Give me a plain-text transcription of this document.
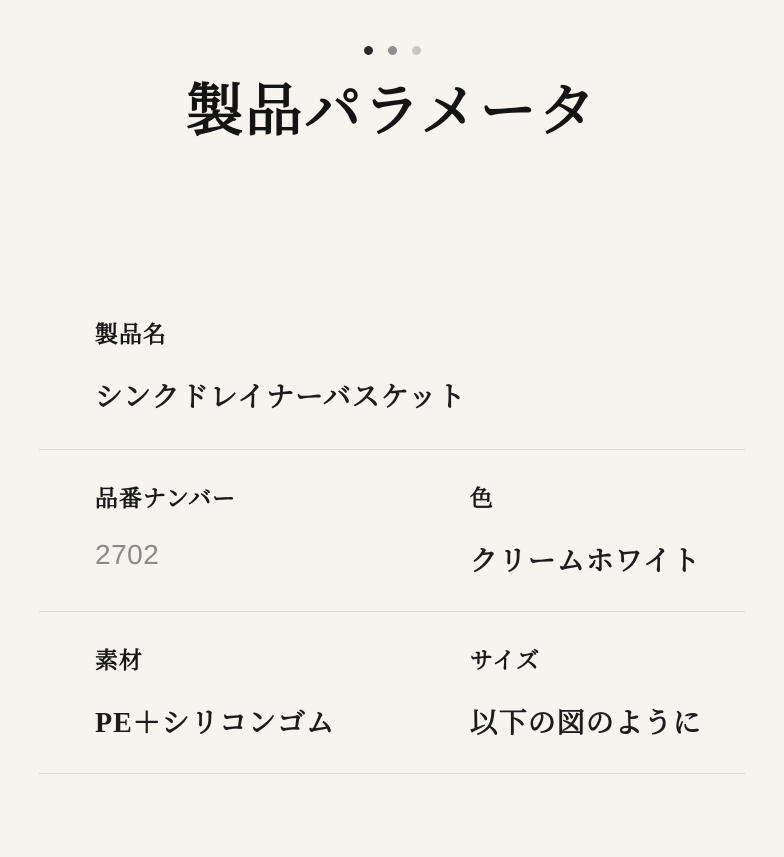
製品パラメータ
製品名
シンクドレイナーバスケット
品番ナンバー
2702
色
クリームホワイト
素材
PE＋シリコンゴム
サイズ
以下の図のように
